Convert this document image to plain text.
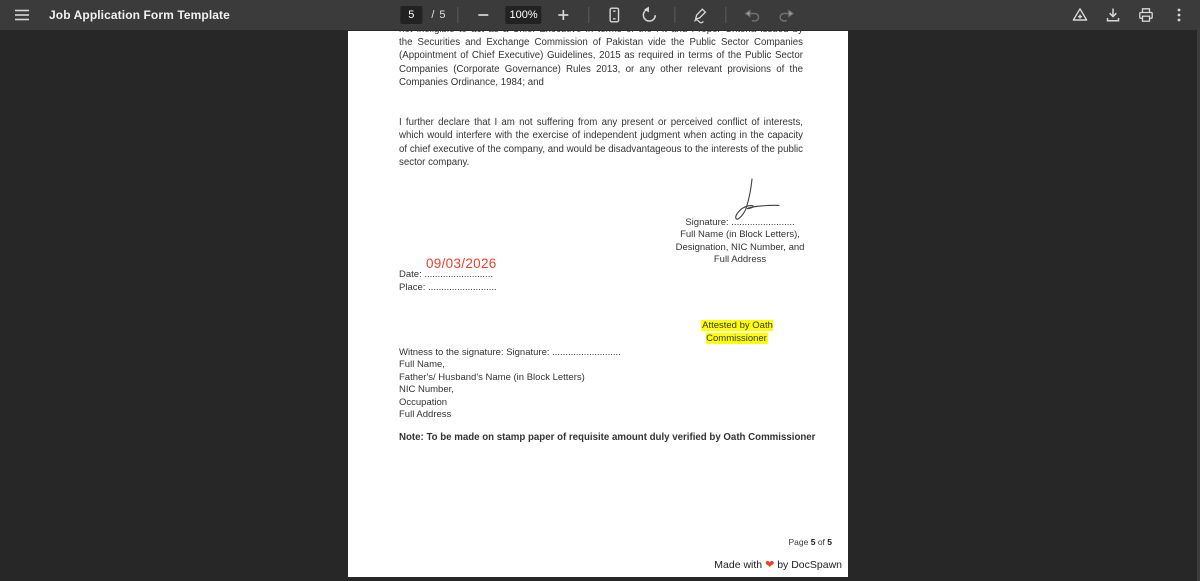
Job Application Form Template
5	/ 5	100%
the Securities and Exchange Commission of Pakistan vide the Public Sector Companies (Appointment of Chief Executive) Guidelines, 2015 as required in terms of the Public Sector Companies (Corporate Governance) Rules 2013, or any other relevant provisions of the Companies Ordinance, 1984; and
I further declare that I am not suffering from any present or perceived conflict of interests, which would interfere with the exercise of independent judgment when acting in the capacity of chief executive of the company, and would be disadvantageous to the interests of the public sector company.
Signature: ........................
Full Name (in Block Letters),
Designation, NIC Number, and
Full Address
Date: ..........................
09/03/2026
Place: ..........................
Attested by Oath Commissioner
Witness to the signature: Signature: ..........................
Full Name,
Father's/ Husband's Name (in Block Letters)
NIC Number,
Occupation
Full Address
Note: To be made on stamp paper of requisite amount duly verified by Oath Commissioner
Page 5 of 5
Made with ❤ by DocSpawn
